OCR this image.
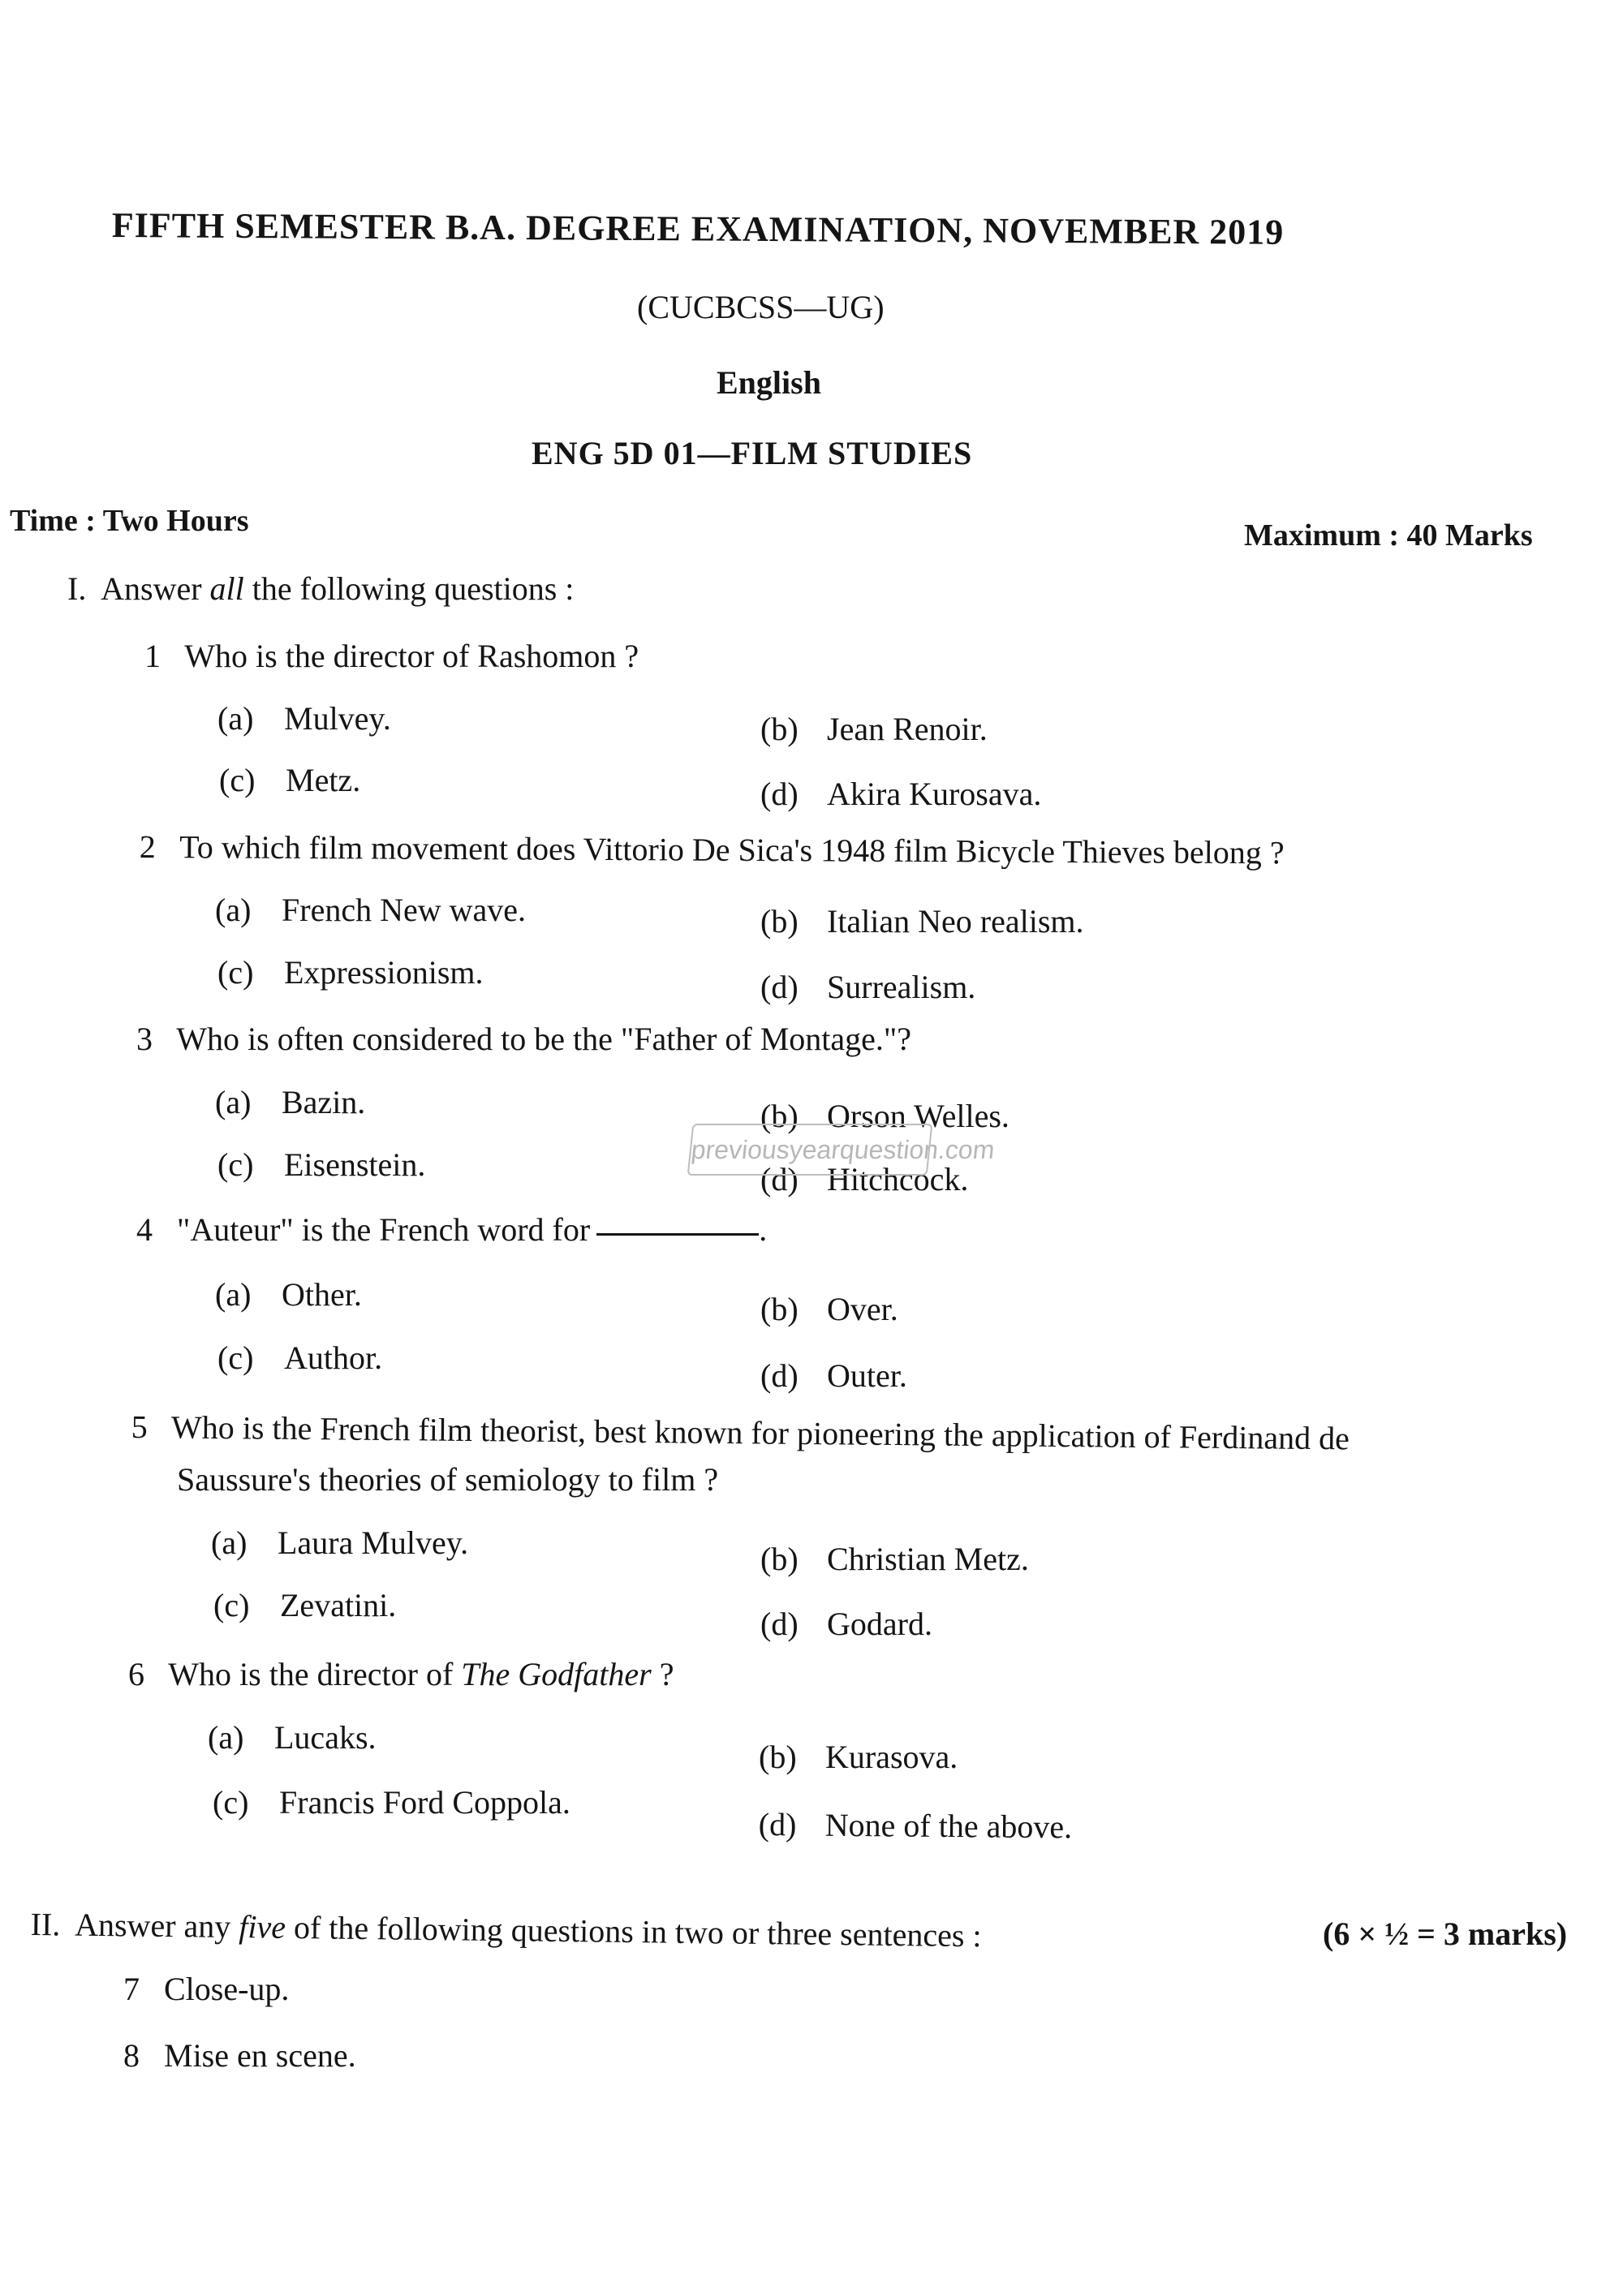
FIFTH SEMESTER B.A. DEGREE EXAMINATION, NOVEMBER 2019
(CUCBCSS—UG)
English
ENG 5D 01—FILM STUDIES
Time : Two Hours	Maximum : 40 Marks
I. Answer all the following questions :
1 Who is the director of Rashomon ?
(a) Mulvey.	(b) Jean Renoir.
(c) Metz.	(d) Akira Kurosava.
2 To which film movement does Vittorio De Sica's 1948 film Bicycle Thieves belong ?
(a) French New wave.	(b) Italian Neo realism.
(c) Expressionism.	(d) Surrealism.
3 Who is often considered to be the "Father of Montage."?
(a) Bazin.	(b) Orson Welles.
(c) Eisenstein.	(d) Hitchcock.
previousyearquestion.com
4 "Auteur" is the French word for	.
(a) Other.	(b) Over.
(c) Author.	(d) Outer.
5 Who is the French film theorist, best known for pioneering the application of Ferdinand de
Saussure's theories of semiology to film ?
(a) Laura Mulvey.	(b) Christian Metz.
(c) Zevatini.
(d) Godard.
6 Who is the director of The Godfather ?
(a) Lucaks.
(b) Kurasova.
(c) Francis Ford Coppola.
(d) None of the above.
II. Answer any five of the following questions in two or three sentences :	(6 × ½ = 3 marks)
7 Close-up.
8 Mise en scene.
